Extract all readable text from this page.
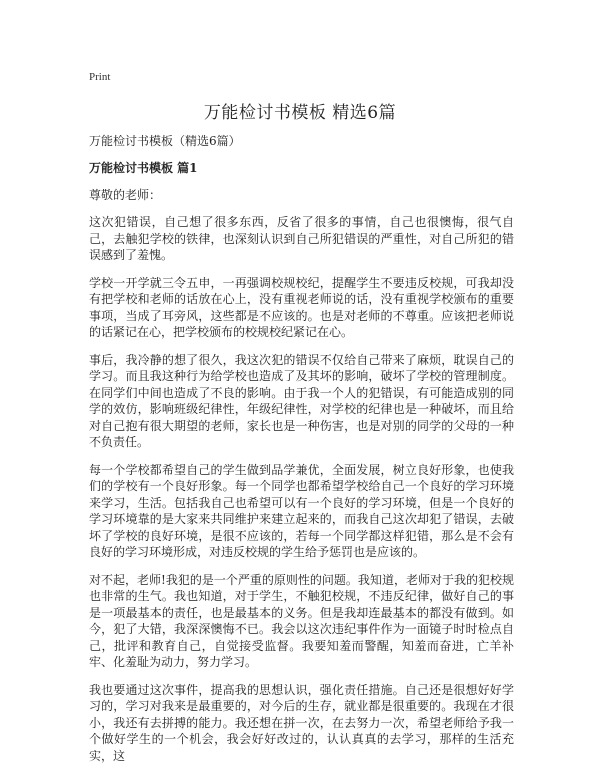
Print
万能检讨书模板 精选6篇

万能检讨书模板（精选6篇）

万能检讨书模板 篇1

尊敬的老师：

这次犯错误，自己想了很多东西，反省了很多的事情，自己也很懊悔，很气自己，去触犯学校的铁律，也深刻认识到自己所犯错误的严重性，对自己所犯的错误感到了羞愧。

学校一开学就三令五申，一再强调校规校纪，提醒学生不要违反校规，可我却没有把学校和老师的话放在心上，没有重视老师说的话，没有重视学校颁布的重要事项，当成了耳旁风，这些都是不应该的。也是对老师的不尊重。应该把老师说的话紧记在心，把学校颁布的校规校纪紧记在心。

事后，我冷静的想了很久，我这次犯的错误不仅给自己带来了麻烦，耽误自己的学习。而且我这种行为给学校也造成了及其坏的影响，破坏了学校的管理制度。在同学们中间也造成了不良的影响。由于我一个人的犯错误，有可能造成别的同学的效仿，影响班级纪律性，年级纪律性，对学校的纪律也是一种破坏，而且给对自己抱有很大期望的老师，家长也是一种伤害，也是对别的同学的父母的一种不负责任。

每一个学校都希望自己的学生做到品学兼优，全面发展，树立良好形象，也使我们的学校有一个良好形象。每一个同学也都希望学校给自己一个良好的学习环境来学习，生活。包括我自己也希望可以有一个良好的学习环境，但是一个良好的学习环境靠的是大家来共同维护来建立起来的，而我自己这次却犯了错误，去破坏了学校的良好环境，是很不应该的，若每一个同学都这样犯错，那么是不会有良好的学习环境形成，对违反校规的学生给予惩罚也是应该的。

对不起，老师!我犯的是一个严重的原则性的问题。我知道，老师对于我的犯校规也非常的生气。我也知道，对于学生，不触犯校规，不违反纪律，做好自己的事是一项最基本的责任，也是最基本的义务。但是我却连最基本的都没有做到。如今，犯了大错，我深深懊悔不已。我会以这次违纪事件作为一面镜子时时检点自己，批评和教育自己，自觉接受监督。我要知羞而警醒，知羞而奋进，亡羊补牢、化羞耻为动力，努力学习。

我也要通过这次事件，提高我的思想认识，强化责任措施。自己还是很想好好学习的，学习对我来是最重要的，对今后的生存，就业都是很重要的。我现在才很小，我还有去拼搏的能力。我还想在拼一次，在去努力一次，希望老师给予我一个做好学生的一个机会，我会好好改过的，认认真真的去学习，那样的生活充实，这
